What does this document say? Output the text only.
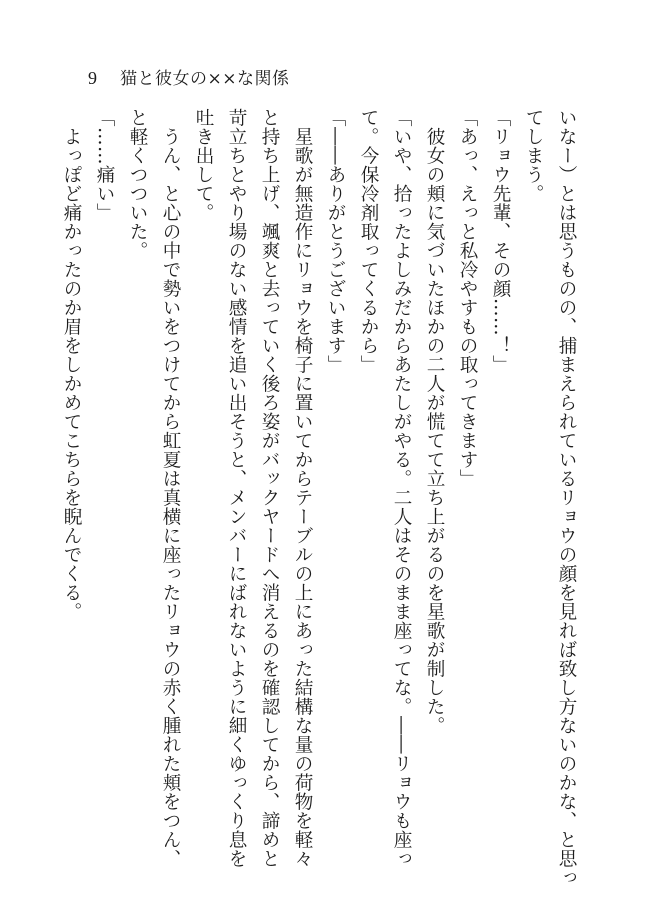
9 猫と彼女の××な関係
いなー）とは思うものの、捕まえられているリョウの顔を見れば致し方ないのかな、と思っ
てしまう。
「リョウ先輩、その顔……！」
「あっ、えっと私冷やすもの取ってきます」
　彼女の頬に気づいたほかの二人が慌てて立ち上がるのを星歌が制した。
「いや、拾ったよしみだからあたしがやる。二人はそのまま座ってな。――リョウも座っ
て。今保冷剤取ってくるから」
「――ありがとうございます」
　星歌が無造作にリョウを椅子に置いてからテーブルの上にあった結構な量の荷物を軽々
と持ち上げ、颯爽と去っていく後ろ姿がバックヤードへ消えるのを確認してから、諦めと
苛立ちとやり場のない感情を追い出そうと、メンバーにばれないように細くゆっくり息を
吐き出して。
　うん、と心の中で勢いをつけてから虹夏は真横に座ったリョウの赤く腫れた頬をつん、
と軽くつついた。
「……痛い」
　よっぽど痛かったのか眉をしかめてこちらを睨んでくる。
